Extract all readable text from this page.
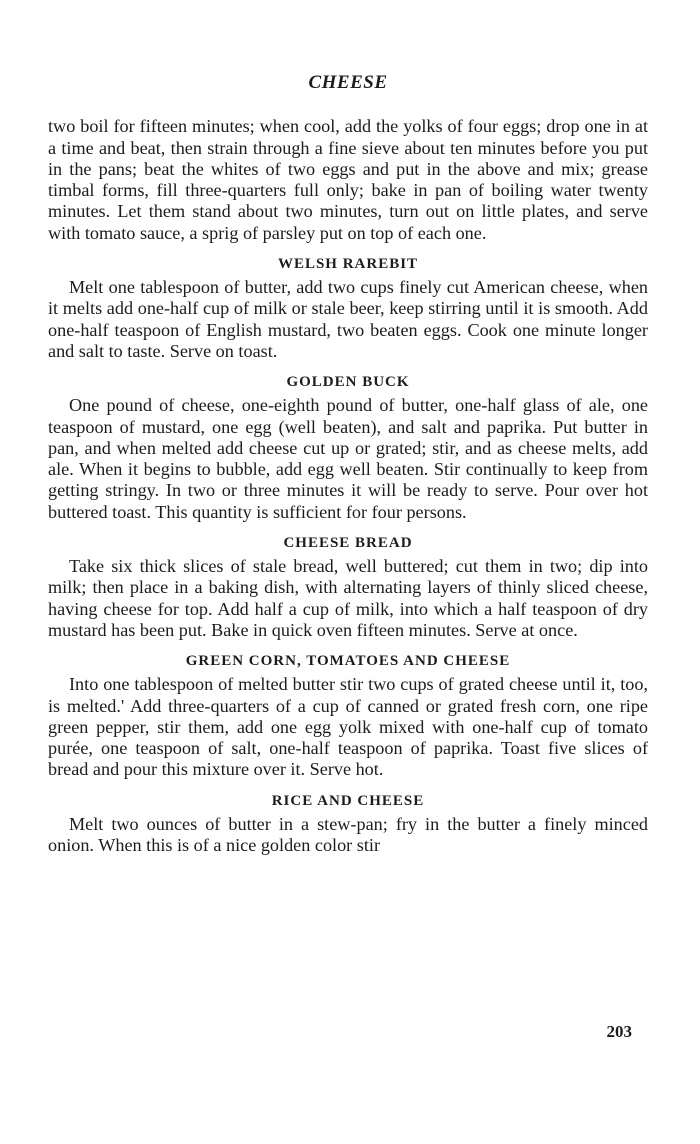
CHEESE

two boil for fifteen minutes; when cool, add the yolks of four eggs; drop one in at a time and beat, then strain through a fine sieve about ten minutes before you put in the pans; beat the whites of two eggs and put in the above and mix; grease timbal forms, fill three-quarters full only; bake in pan of boiling water twenty minutes. Let them stand about two minutes, turn out on little plates, and serve with tomato sauce, a sprig of parsley put on top of each one.

WELSH RAREBIT

Melt one tablespoon of butter, add two cups finely cut American cheese, when it melts add one-half cup of milk or stale beer, keep stirring until it is smooth. Add one-half teaspoon of English mustard, two beaten eggs. Cook one minute longer and salt to taste. Serve on toast.

GOLDEN BUCK

One pound of cheese, one-eighth pound of butter, one-half glass of ale, one teaspoon of mustard, one egg (well beaten), and salt and paprika. Put butter in pan, and when melted add cheese cut up or grated; stir, and as cheese melts, add ale. When it begins to bubble, add egg well beaten. Stir continually to keep from getting stringy. In two or three minutes it will be ready to serve. Pour over hot buttered toast. This quantity is sufficient for four persons.

CHEESE BREAD

Take six thick slices of stale bread, well buttered; cut them in two; dip into milk; then place in a baking dish, with alternating layers of thinly sliced cheese, having cheese for top. Add half a cup of milk, into which a half teaspoon of dry mustard has been put. Bake in quick oven fifteen minutes. Serve at once.

GREEN CORN, TOMATOES AND CHEESE

Into one tablespoon of melted butter stir two cups of grated cheese until it, too, is melted.' Add three-quarters of a cup of canned or grated fresh corn, one ripe green pepper, stir them, add one egg yolk mixed with one-half cup of tomato purée, one teaspoon of salt, one-half teaspoon of paprika. Toast five slices of bread and pour this mixture over it. Serve hot.

RICE AND CHEESE

Melt two ounces of butter in a stew-pan; fry in the butter a finely minced onion. When this is of a nice golden color stir

203
